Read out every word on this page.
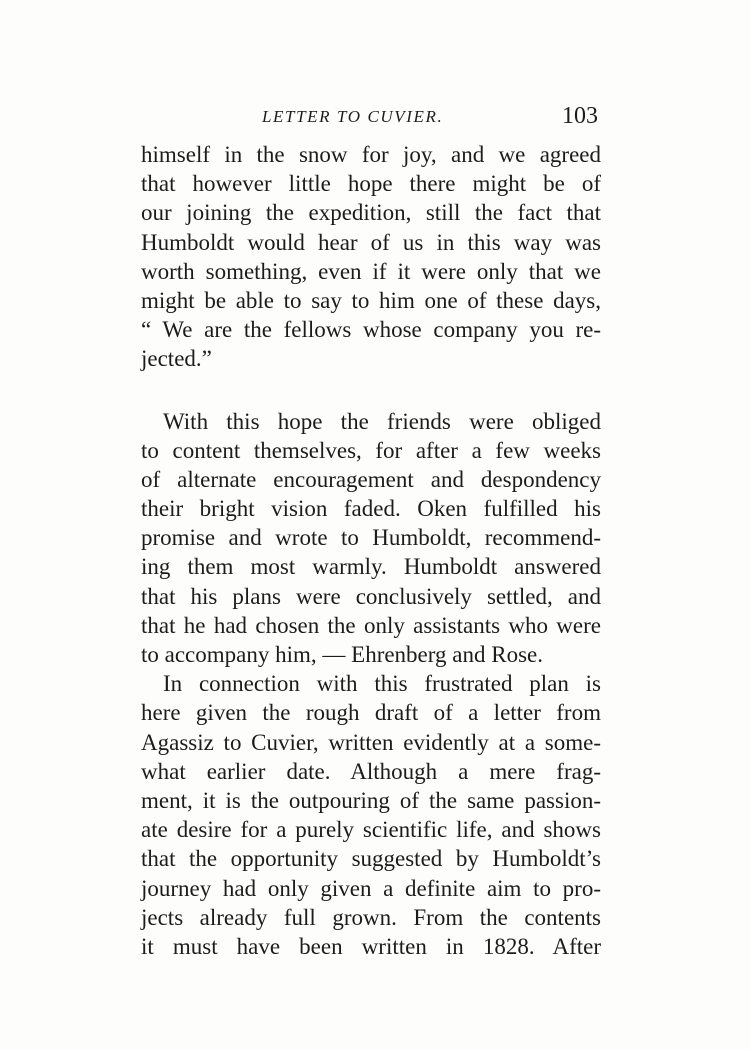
LETTER TO CUVIER.	103
himself in the snow for joy, and we agreed
that however little hope there might be of
our joining the expedition, still the fact that
Humboldt would hear of us in this way was
worth something, even if it were only that we
might be able to say to him one of these days,
“ We are the fellows whose company you re-
jected.”
With this hope the friends were obliged
to content themselves, for after a few weeks
of alternate encouragement and despondency
their bright vision faded. Oken fulfilled his
promise and wrote to Humboldt, recommend-
ing them most warmly. Humboldt answered
that his plans were conclusively settled, and
that he had chosen the only assistants who were
to accompany him, — Ehrenberg and Rose.
In connection with this frustrated plan is
here given the rough draft of a letter from
Agassiz to Cuvier, written evidently at a some-
what earlier date. Although a mere frag-
ment, it is the outpouring of the same passion-
ate desire for a purely scientific life, and shows
that the opportunity suggested by Humboldt’s
journey had only given a definite aim to pro-
jects already full grown. From the contents
it must have been written in 1828. After
